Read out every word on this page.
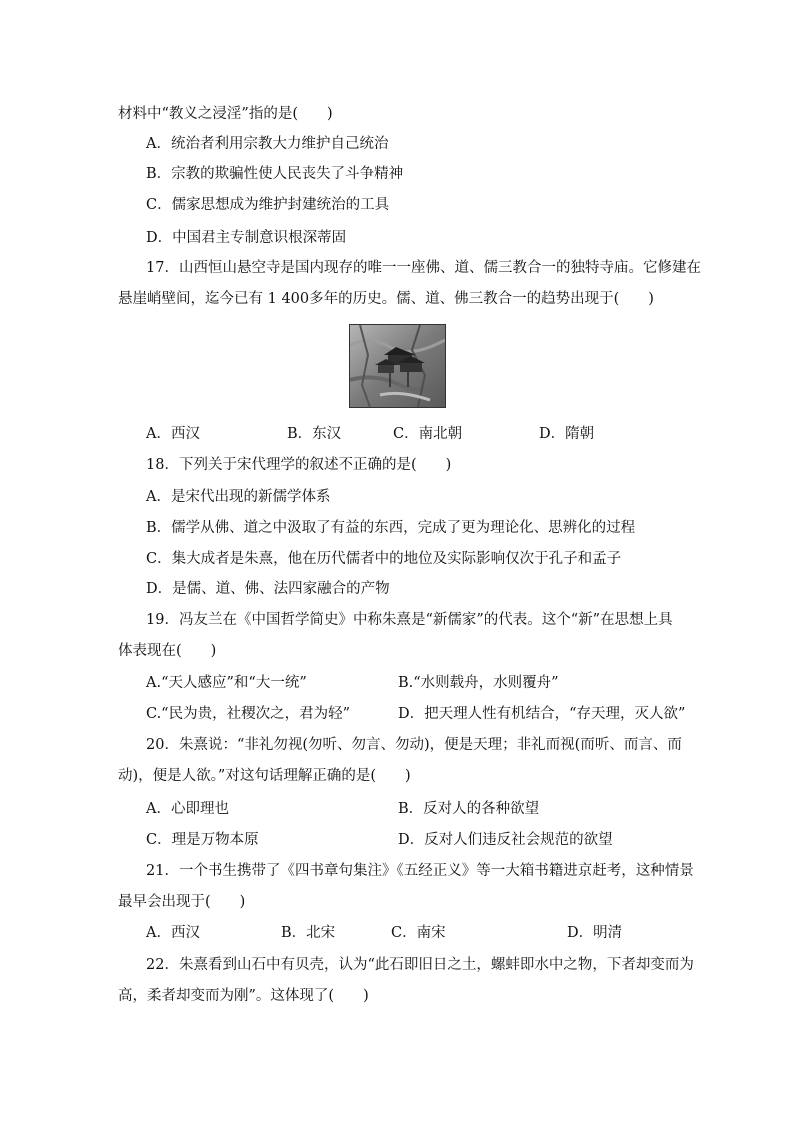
材料中“教义之浸淫”指的是(　　)
A．统治者利用宗教大力维护自己统治
B．宗教的欺骗性使人民丧失了斗争精神
C．儒家思想成为维护封建统治的工具
D．中国君主专制意识根深蒂固
17．山西恒山悬空寺是国内现存的唯一一座佛、道、儒三教合一的独特寺庙。它修建在
悬崖峭壁间，迄今已有 1 400多年的历史。儒、道、佛三教合一的趋势出现于(　　)
A．西汉	B．东汉	C．南北朝	D．隋朝
18．下列关于宋代理学的叙述不正确的是(　　)
A．是宋代出现的新儒学体系
B．儒学从佛、道之中汲取了有益的东西，完成了更为理论化、思辨化的过程
C．集大成者是朱熹，他在历代儒者中的地位及实际影响仅次于孔子和孟子
D．是儒、道、佛、法四家融合的产物
19．冯友兰在《中国哲学简史》中称朱熹是“新儒家”的代表。这个“新”在思想上具
体表现在(　　)
A.“天人感应”和“大一统”	B.“水则载舟，水则覆舟”
C.“民为贵，社稷次之，君为轻”	D．把天理人性有机结合，“存天理，灭人欲”
20．朱熹说：“非礼勿视(勿听、勿言、勿动)，便是天理；非礼而视(而听、而言、而
动)，便是人欲。”对这句话理解正确的是(　　)
A．心即理也	B．反对人的各种欲望
C．理是万物本原	D．反对人们违反社会规范的欲望
21．一个书生携带了《四书章句集注》《五经正义》等一大箱书籍进京赶考，这种情景
最早会出现于(　　)
A．西汉	B．北宋	C．南宋	D．明清
22．朱熹看到山石中有贝壳，认为“此石即旧日之土，螺蚌即水中之物，下者却变而为
高，柔者却变而为刚”。这体现了(　　)
